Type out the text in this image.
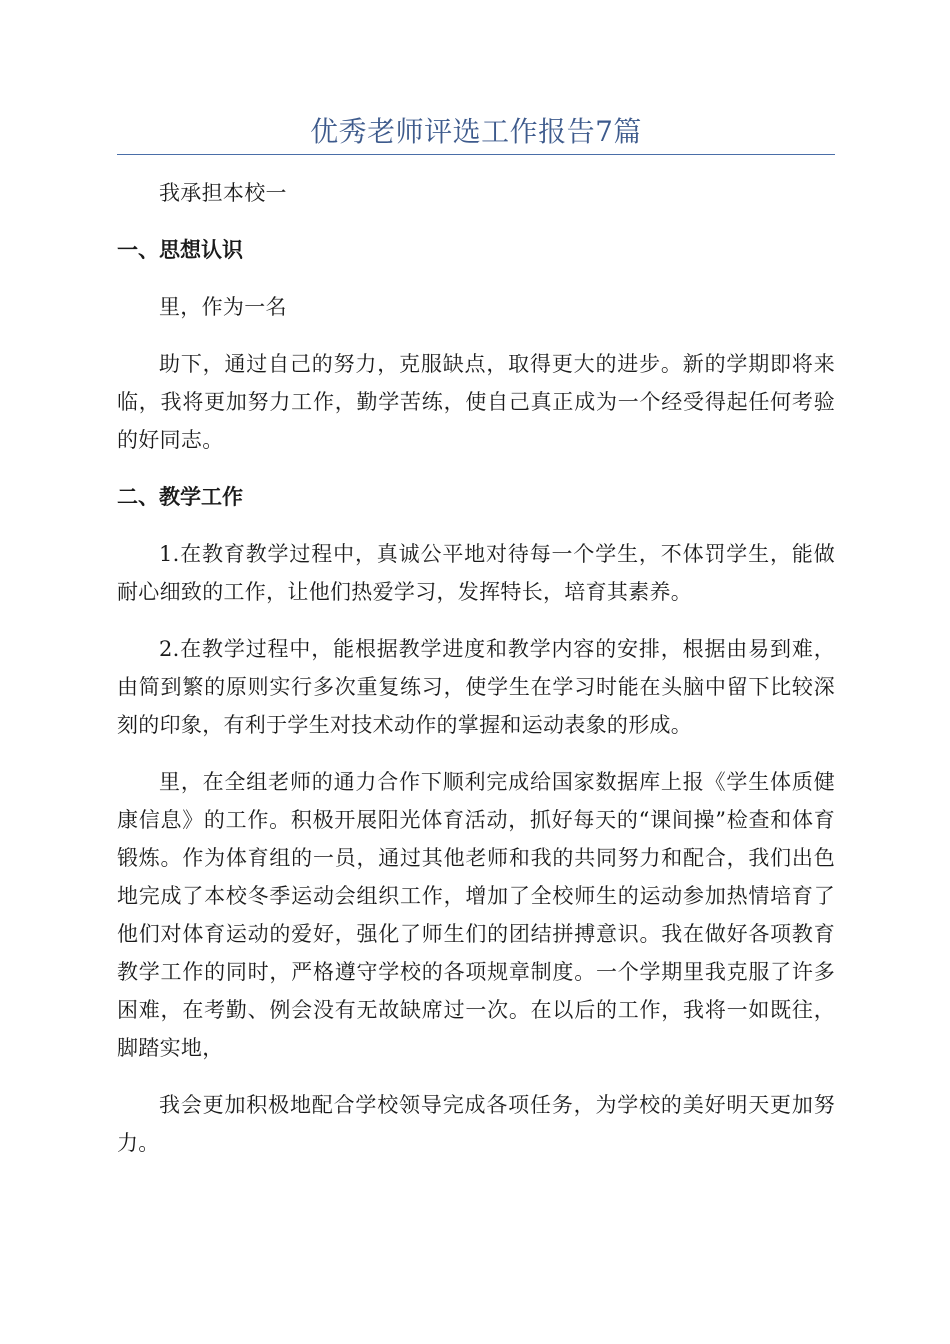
优秀老师评选工作报告7篇

我承担本校一

一、思想认识

里，作为一名

助下，通过自己的努力，克服缺点，取得更大的进步。新的学期即将来临，我将更加努力工作，勤学苦练，使自己真正成为一个经受得起任何考验的好同志。

二、教学工作

1.在教育教学过程中，真诚公平地对待每一个学生，不体罚学生，能做耐心细致的工作，让他们热爱学习，发挥特长，培育其素养。

2.在教学过程中，能根据教学进度和教学内容的安排，根据由易到难，由简到繁的原则实行多次重复练习，使学生在学习时能在头脑中留下比较深刻的印象，有利于学生对技术动作的掌握和运动表象的形成。

里，在全组老师的通力合作下顺利完成给国家数据库上报《学生体质健康信息》的工作。积极开展阳光体育活动，抓好每天的“课间操”检查和体育锻炼。作为体育组的一员，通过其他老师和我的共同努力和配合，我们出色地完成了本校冬季运动会组织工作，增加了全校师生的运动参加热情培育了他们对体育运动的爱好，强化了师生们的团结拼搏意识。我在做好各项教育教学工作的同时，严格遵守学校的各项规章制度。一个学期里我克服了许多困难，在考勤、例会没有无故缺席过一次。在以后的工作，我将一如既往，脚踏实地，

我会更加积极地配合学校领导完成各项任务，为学校的美好明天更加努力。
